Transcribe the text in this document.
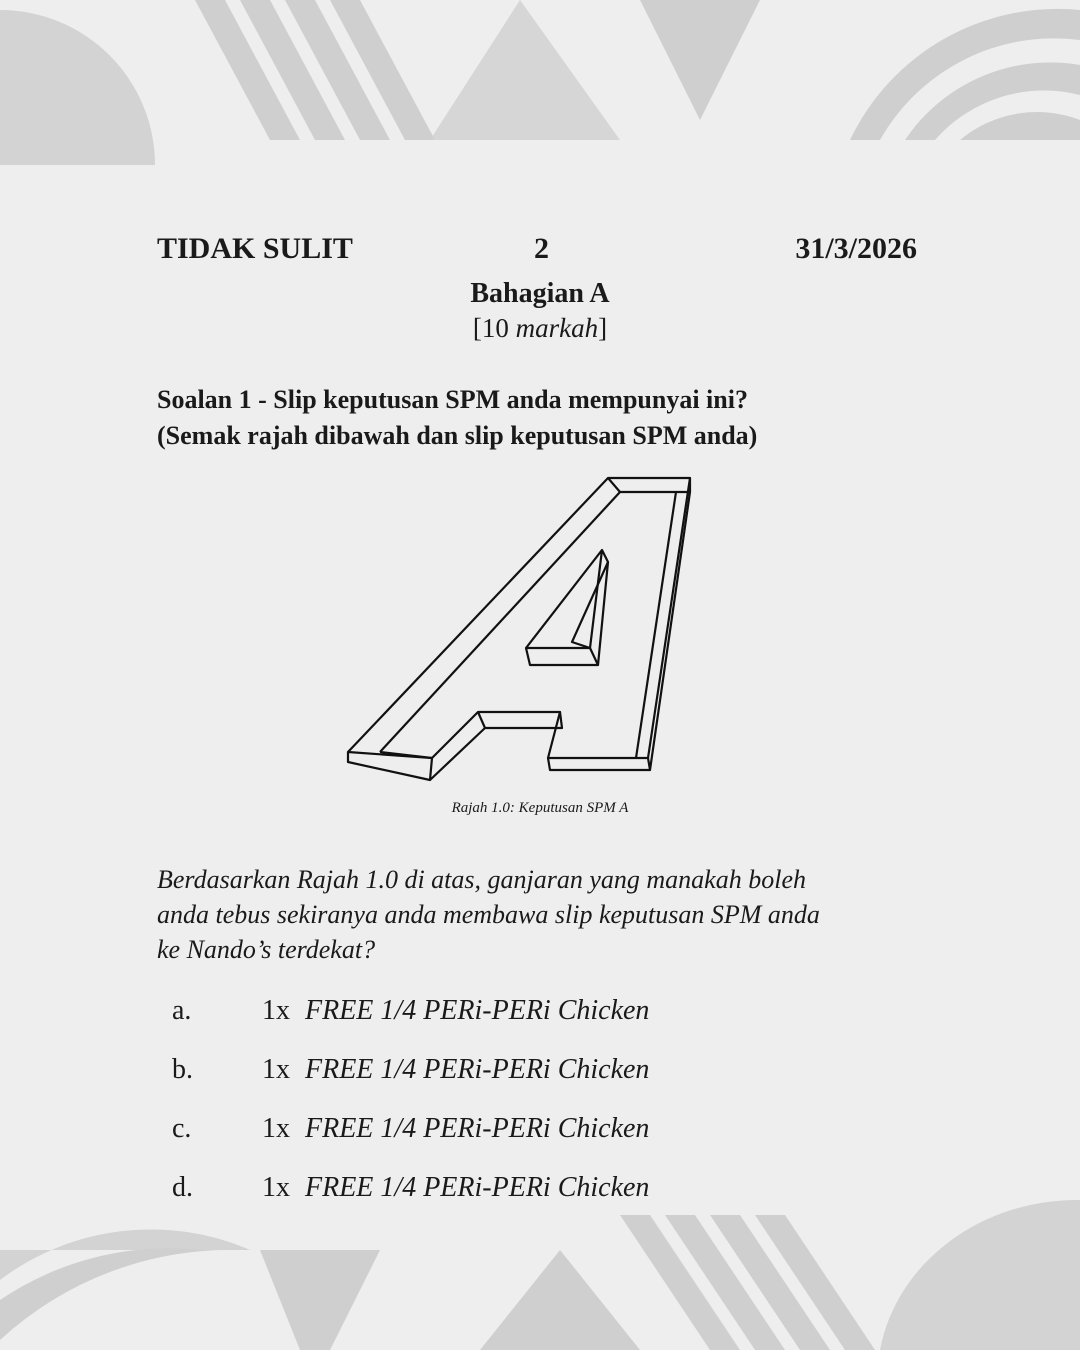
TIDAK SULIT	2	31/3/2026
Bahagian A
[10 markah]
Soalan 1 - Slip keputusan SPM anda mempunyai ini?
(Semak rajah dibawah dan slip keputusan SPM anda)
Rajah 1.0: Keputusan SPM A
Berdasarkan Rajah 1.0 di atas, ganjaran yang manakah boleh
anda tebus sekiranya anda membawa slip keputusan SPM anda
ke Nando’s terdekat?
a.	1x FREE 1/4 PERi-PERi Chicken
b. 1x FREE 1/4 PERi-PERi Chicken
c.	1x FREE 1/4 PERi-PERi Chicken
d. 1x FREE 1/4 PERi-PERi Chicken
